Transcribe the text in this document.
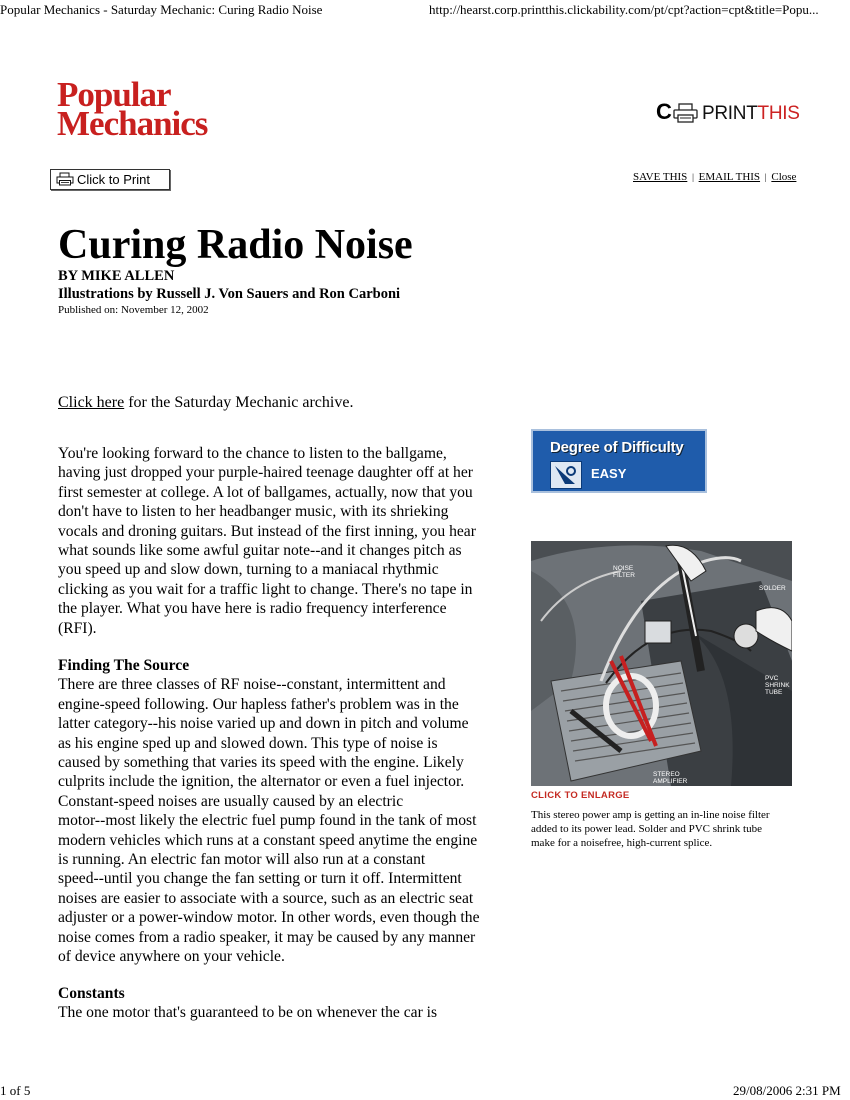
Popular Mechanics - Saturday Mechanic: Curing Radio Noise	http://hearst.corp.printthis.clickability.com/pt/cpt?action=cpt&title=Popu...
Popular
Mechanics	C PRINTTHIS
Click to Print	SAVE THIS | EMAIL THIS | Close
Curing Radio Noise
BY MIKE ALLEN
Illustrations by Russell J. Von Sauers and Ron Carboni
Published on: November 12, 2002
Click here for the Saturday Mechanic archive.
You're looking forward to the chance to listen to the ballgame,
having just dropped your purple-haired teenage daughter off at her
first semester at college. A lot of ballgames, actually, now that you
don't have to listen to her headbanger music, with its shrieking
vocals and droning guitars. But instead of the first inning, you hear
what sounds like some awful guitar note--and it changes pitch as
you speed up and slow down, turning to a maniacal rhythmic
clicking as you wait for a traffic light to change. There's no tape in
the player. What you have here is radio frequency interference
(RFI).
Finding The Source
There are three classes of RF noise--constant, intermittent and
engine-speed following. Our hapless father's problem was in the
latter category--his noise varied up and down in pitch and volume
as his engine sped up and slowed down. This type of noise is
caused by something that varies its speed with the engine. Likely
culprits include the ignition, the alternator or even a fuel injector.
Constant-speed noises are usually caused by an electric
motor--most likely the electric fuel pump found in the tank of most
modern vehicles which runs at a constant speed anytime the engine
is running. An electric fan motor will also run at a constant
speed--until you change the fan setting or turn it off. Intermittent
noises are easier to associate with a source, such as an electric seat
adjuster or a power-window motor. In other words, even though the
noise comes from a radio speaker, it may be caused by any manner
of device anywhere on your vehicle.
Constants
The one motor that's guaranteed to be on whenever the car is
Degree of Difficulty
EASY
NOISE
FILTER
SOLDER
PVC
SHRINK
TUBE
STEREO
AMPLIFIER
CLICK TO ENLARGE
This stereo power amp is getting an in-line noise filter
added to its power lead. Solder and PVC shrink tube
make for a noisefree, high-current splice.
1 of 5	29/08/2006 2:31 PM
